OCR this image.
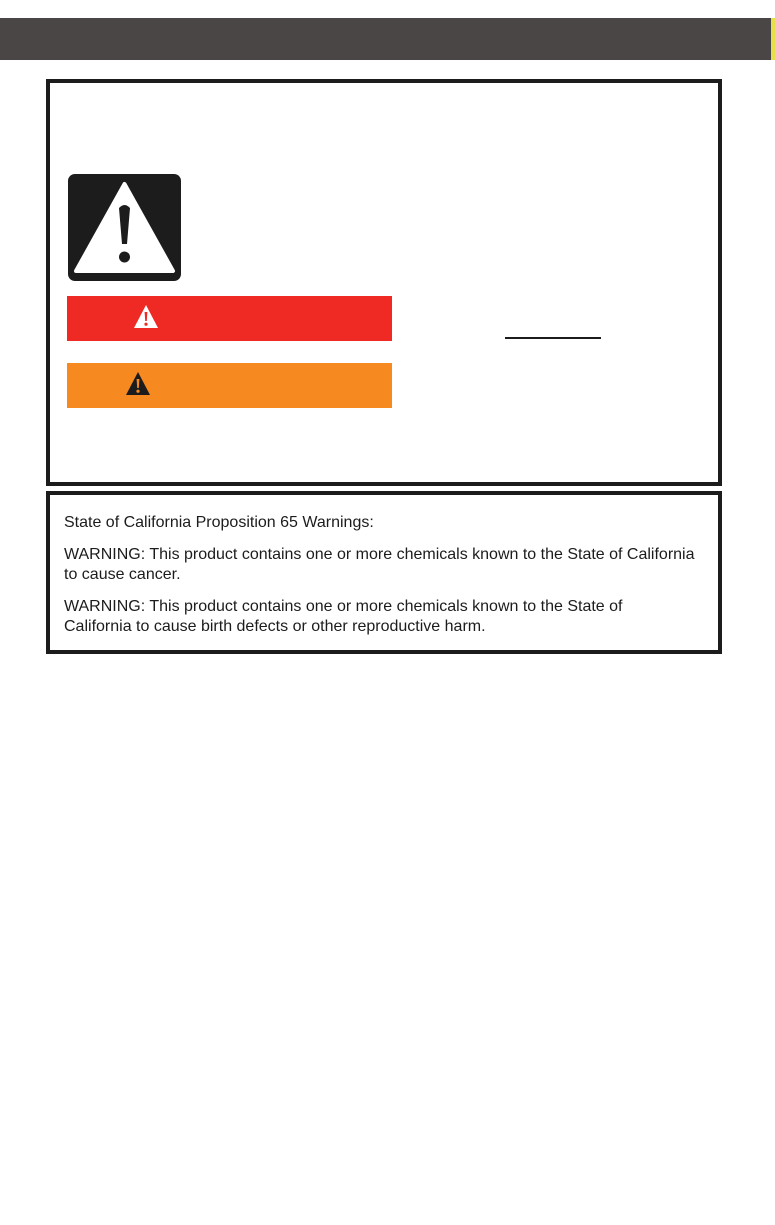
State of California Proposition 65 Warnings:

WARNING: This product contains one or more chemicals known to the State of California to cause cancer.

WARNING: This product contains one or more chemicals known to the State of California to cause birth defects or other reproductive harm.
